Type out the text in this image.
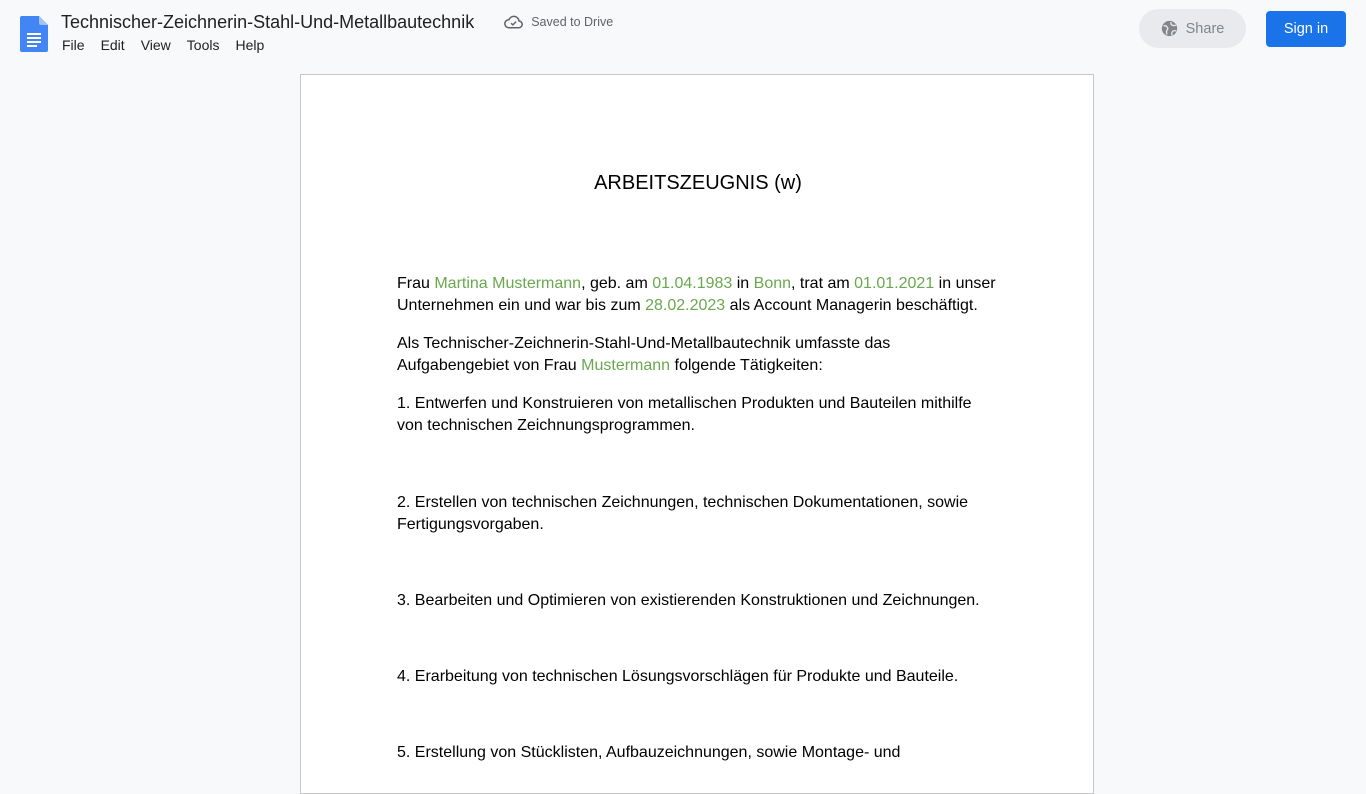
Technischer-Zeichnerin-Stahl-Und-Metallbautechnik	Saved to Drive
File	Edit	View	Tools	Help
Share	Sign in
ARBEITSZEUGNIS (w)
Frau Martina Mustermann, geb. am 01.04.1983 in Bonn, trat am 01.01.2021 in unser Unternehmen ein und war bis zum 28.02.2023 als Account Managerin beschäftigt.
Als Technischer-Zeichnerin-Stahl-Und-Metallbautechnik umfasste das Aufgabengebiet von Frau Mustermann folgende Tätigkeiten:
1. Entwerfen und Konstruieren von metallischen Produkten und Bauteilen mithilfe von technischen Zeichnungsprogrammen.
2. Erstellen von technischen Zeichnungen, technischen Dokumentationen, sowie Fertigungsvorgaben.
3. Bearbeiten und Optimieren von existierenden Konstruktionen und Zeichnungen.
4. Erarbeitung von technischen Lösungsvorschlägen für Produkte und Bauteile.
5. Erstellung von Stücklisten, Aufbauzeichnungen, sowie Montage- und
